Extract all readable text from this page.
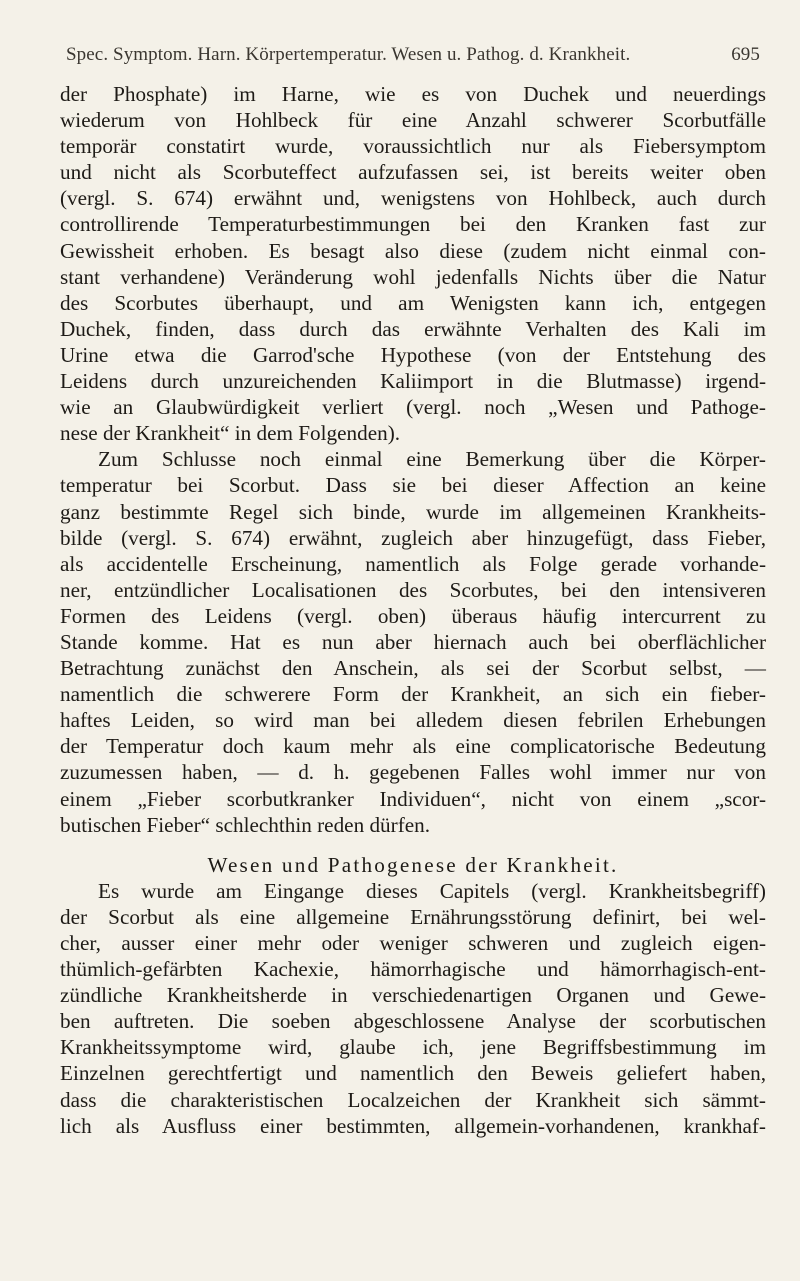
Spec. Symptom. Harn. Körpertemperatur. Wesen u. Pathog. d. Krankheit.	695
der Phosphate) im Harne, wie es von Duchek und neuerdings
wiederum von Hohlbeck für eine Anzahl schwerer Scorbutfälle
temporär constatirt wurde, voraussichtlich nur als Fiebersymptom
und nicht als Scorbuteffect aufzufassen sei, ist bereits weiter oben
(vergl. S. 674) erwähnt und, wenigstens von Hohlbeck, auch durch
controllirende Temperaturbestimmungen bei den Kranken fast zur
Gewissheit erhoben. Es besagt also diese (zudem nicht einmal con-
stant verhandene) Veränderung wohl jedenfalls Nichts über die Natur
des Scorbutes überhaupt, und am Wenigsten kann ich, entgegen
Duchek, finden, dass durch das erwähnte Verhalten des Kali im
Urine etwa die Garrod'sche Hypothese (von der Entstehung des
Leidens durch unzureichenden Kaliimport in die Blutmasse) irgend-
wie an Glaubwürdigkeit verliert (vergl. noch „Wesen und Pathoge-
nese der Krankheit“ in dem Folgenden).
Zum Schlusse noch einmal eine Bemerkung über die Körper-
temperatur bei Scorbut. Dass sie bei dieser Affection an keine
ganz bestimmte Regel sich binde, wurde im allgemeinen Krankheits-
bilde (vergl. S. 674) erwähnt, zugleich aber hinzugefügt, dass Fieber,
als accidentelle Erscheinung, namentlich als Folge gerade vorhande-
ner, entzündlicher Localisationen des Scorbutes, bei den intensiveren
Formen des Leidens (vergl. oben) überaus häufig intercurrent zu
Stande komme. Hat es nun aber hiernach auch bei oberflächlicher
Betrachtung zunächst den Anschein, als sei der Scorbut selbst, —
namentlich die schwerere Form der Krankheit, an sich ein fieber-
haftes Leiden, so wird man bei alledem diesen febrilen Erhebungen
der Temperatur doch kaum mehr als eine complicatorische Bedeutung
zuzumessen haben, — d. h. gegebenen Falles wohl immer nur von
einem „Fieber scorbutkranker Individuen“, nicht von einem „scor-
butischen Fieber“ schlechthin reden dürfen.
Wesen und Pathogenese der Krankheit.
Es wurde am Eingange dieses Capitels (vergl. Krankheitsbegriff)
der Scorbut als eine allgemeine Ernährungsstörung definirt, bei wel-
cher, ausser einer mehr oder weniger schweren und zugleich eigen-
thümlich-gefärbten Kachexie, hämorrhagische und hämorrhagisch-ent-
zündliche Krankheitsherde in verschiedenartigen Organen und Gewe-
ben auftreten. Die soeben abgeschlossene Analyse der scorbutischen
Krankheitssymptome wird, glaube ich, jene Begriffsbestimmung im
Einzelnen gerechtfertigt und namentlich den Beweis geliefert haben,
dass die charakteristischen Localzeichen der Krankheit sich sämmt-
lich als Ausfluss einer bestimmten, allgemein-vorhandenen, krankhaf-
